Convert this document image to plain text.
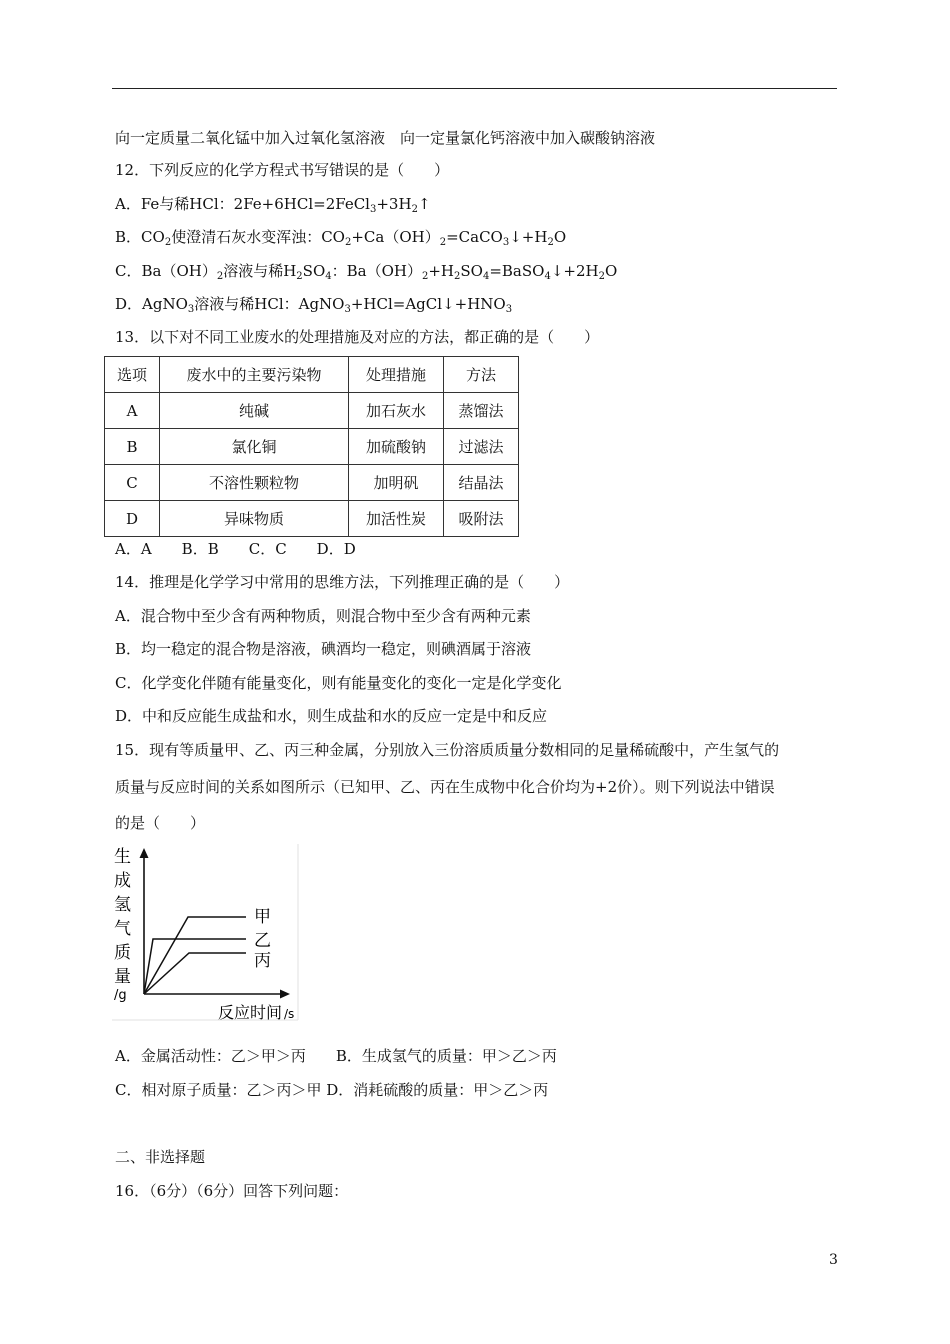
向一定质量二氧化锰中加入过氧化氢溶液　向一定量氯化钙溶液中加入碳酸钠溶液
12．下列反应的化学方程式书写错误的是（　　）
A．Fe与稀HCl：$2Fe+6HCl=2FeCl_3+3H_2↑$
B．$CO_2$使澄清石灰水变浑浊：$CO_2+Ca(OH)_2=CaCO_3↓+H_2O$
C．$Ba(OH)_2$溶液与稀$H_2SO_4$：$Ba(OH)_2+H_2SO_4=BaSO_4↓+2H_2O$
D．AgNO$_3$溶液与稀HCl：$AgNO_3+HCl=AgCl↓+HNO_3$
13．以下对不同工业废水的处理措施及对应的方法，都正确的是（　　）
选项	废水中的主要污染物	处理措施	方法
A	纯碱	加石灰水	蒸馏法
B	氯化铜	加硫酸钠	过滤法
C	不溶性颗粒物	加明矾	结晶法
D	异味物质	加活性炭	吸附法
A．A　　B．B　　C．C　　D．D
14．推理是化学学习中常用的思维方法，下列推理正确的是（　　）
A．混合物中至少含有两种物质，则混合物中至少含有两种元素
B．均一稳定的混合物是溶液，碘酒均一稳定，则碘酒属于溶液
C．化学变化伴随有能量变化，则有能量变化的变化一定是化学变化
D．中和反应能生成盐和水，则生成盐和水的反应一定是中和反应
15．现有等质量甲、乙、丙三种金属，分别放入三份溶质质量分数相同的足量稀硫酸中，产生氢气的
质量与反应时间的关系如图所示（已知甲、乙、丙在生成物中化合价均为+2价）。则下列说法中错误
的是（　　）
甲
乙
丙
生
成
氢
气
质
量
/g
反应时间 /s
A．金属活动性：乙＞甲＞丙　　B．生成氢气的质量：甲＞乙＞丙
C．相对原子质量：乙＞丙＞甲 D．消耗硫酸的质量：甲＞乙＞丙
二、非选择题
16．（6分）（6分）回答下列问题：
3
